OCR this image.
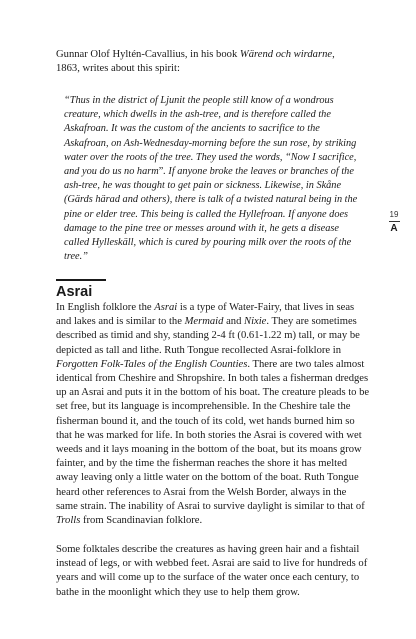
Gunnar Olof Hyltén-Cavallius, in his book Wärend och wirdarne, 1863, writes about this spirit:

“Thus in the district of Ljunit the people still know of a wondrous creature, which dwells in the ash-tree, and is therefore called the Askafroan. It was the custom of the ancients to sacrifice to the Askafroan, on Ash-Wednesday-morning before the sun rose, by striking water over the roots of the tree. They used the words, “Now I sacrifice, and you do us no harm”. If anyone broke the leaves or branches of the ash-tree, he was thought to get pain or sickness. Likewise, in Skåne (Gärds härad and others), there is talk of a twisted natural being in the pine or elder tree. This being is called the Hyllefroan. If anyone does damage to the pine tree or messes around with it, he gets a disease called Hylleskäll, which is cured by pouring milk over the roots of the tree.”

19
A
Asrai

In English folklore the Asrai is a type of Water-Fairy, that lives in seas and lakes and is similar to the Mermaid and Nixie. They are sometimes described as timid and shy, standing 2-4 ft (0.61-1.22 m) tall, or may be depicted as tall and lithe. Ruth Tongue recollected Asrai-folklore in Forgotten Folk-Tales of the English Counties. There are two tales almost identical from Cheshire and Shropshire. In both tales a fisherman dredges up an Asrai and puts it in the bottom of his boat. The creature pleads to be set free, but its language is incomprehensible. In the Cheshire tale the fisherman bound it, and the touch of its cold, wet hands burned him so that he was marked for life. In both stories the Asrai is covered with wet weeds and it lays moaning in the bottom of the boat, but its moans grow fainter, and by the time the fisherman reaches the shore it has melted away leaving only a little water on the bottom of the boat. Ruth Tongue heard other references to Asrai from the Welsh Border, always in the same strain. The inability of Asrai to survive daylight is similar to that of Trolls from Scandinavian folklore.

Some folktales describe the creatures as having green hair and a fishtail instead of legs, or with webbed feet. Asrai are said to live for hundreds of years and will come up to the surface of the water once each century, to bathe in the moonlight which they use to help them grow.
